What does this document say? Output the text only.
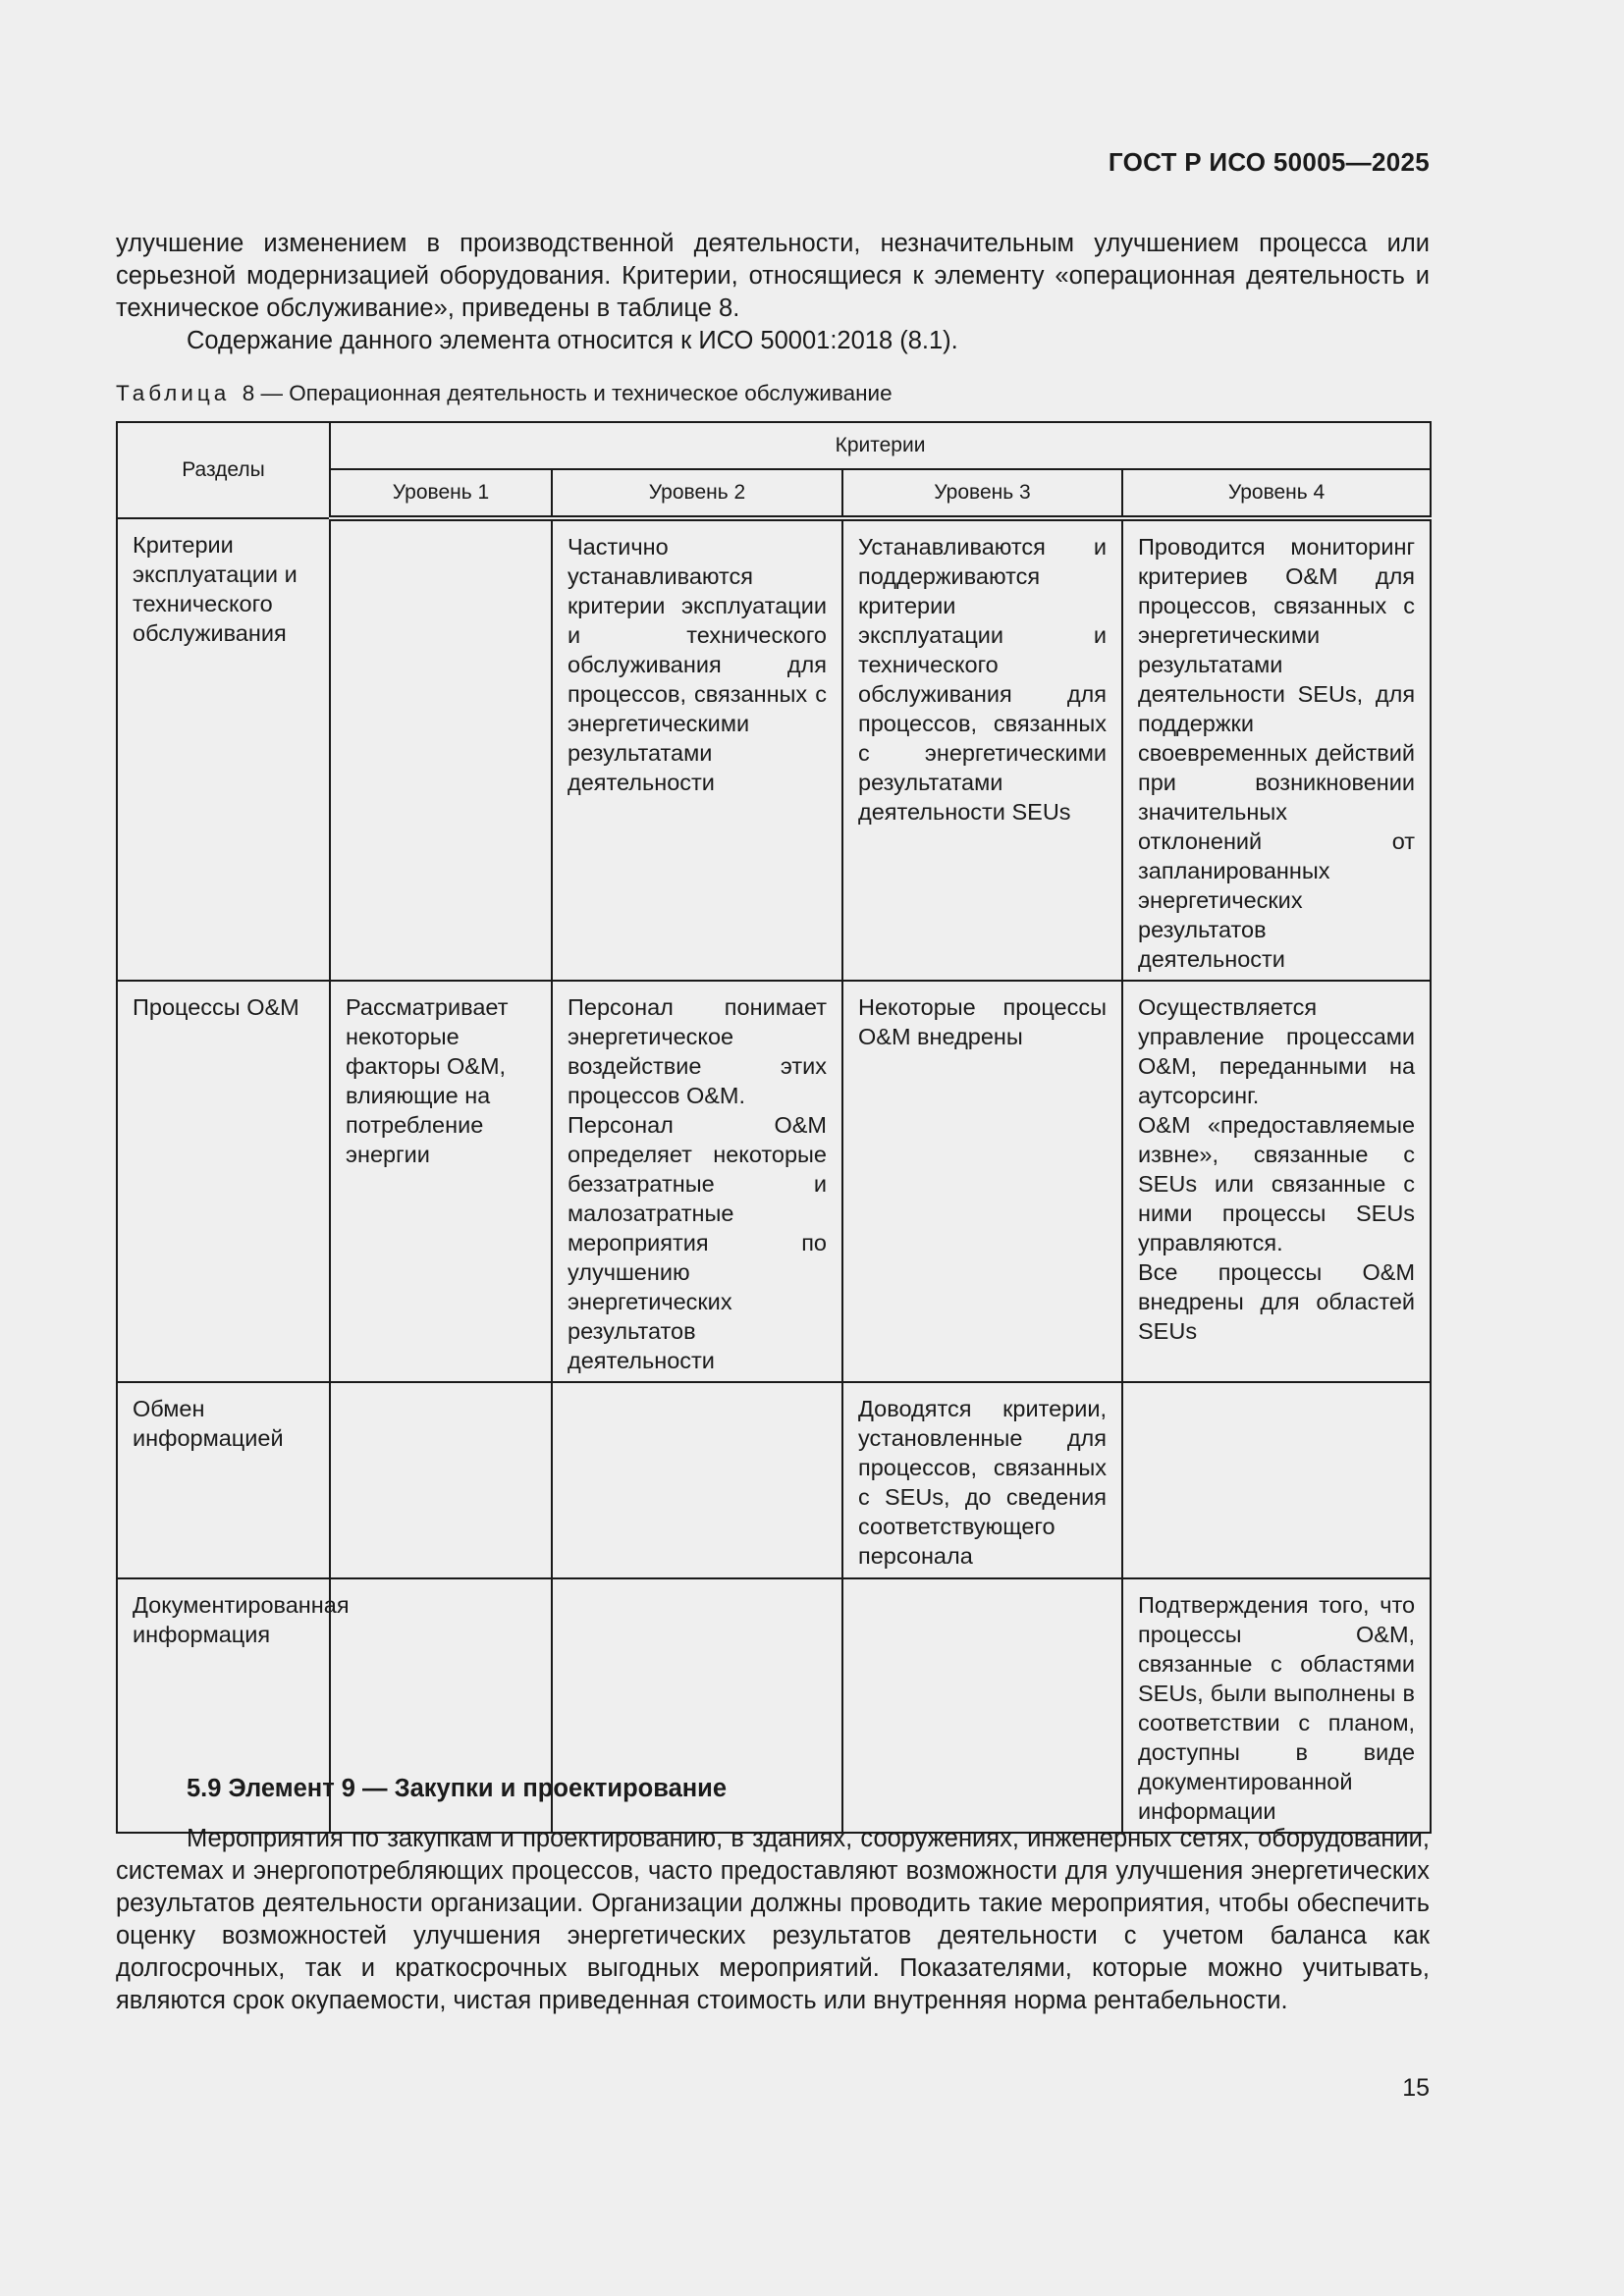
ГОСТ Р ИСО 50005—2025

улучшение изменением в производственной деятельности, незначительным улучшением процесса или серьезной модернизацией оборудования. Критерии, относящиеся к элементу «операционная деятельность и техническое обслуживание», приведены в таблице 8.

Содержание данного элемента относится к ИСО 50001:2018 (8.1).

Таблица 8 — Операционная деятельность и техническое обслуживание
Разделы	Критерии			
	Уровень 1	Уровень 2	Уровень 3	Уровень 4
Критерии эксплуатации и технического обслуживания		Частично устанавливаются критерии эксплуатации и технического обслуживания для процессов, связанных с энергетическими результатами деятельности	Устанавливаются и поддерживаются критерии эксплуатации и технического обслуживания для процессов, связанных с энергетическими результатами деятельности SEUs	Проводится мониторинг критериев O&M для процессов, связанных с энергетическими результатами деятельности SEUs, для поддержки своевременных действий при возникновении значительных отклонений от запланированных энергетических результатов деятельности
Процессы O&M	Рассматривает некоторые факторы O&M, влияющие на потребление энергии	Персонал понимает энергетическое воздействие этих процессов O&M.
Персонал O&M определяет некоторые беззатратные и малозатратные мероприятия по улучшению энергетических результатов деятельности	Некоторые процессы O&M внедрены	Осуществляется управление процессами O&M, переданными на аутсорсинг.
O&M «предоставляемые извне», связанные с SEUs или связанные с ними процессы SEUs управляются.
Все процессы O&M внедрены для областей SEUs

Обмен информацией			Доводятся критерии, установленные для процессов, связанных с SEUs, до сведения соответствующего персонала	
Документированная информация				Подтверждения того, что процессы O&M, связанные с областями SEUs, были выполнены в соответствии с планом, доступны в виде документированной информации
5.9 Элемент 9 — Закупки и проектирование

Мероприятия по закупкам и проектированию, в зданиях, сооружениях, инженерных сетях, оборудовании, системах и энергопотребляющих процессов, часто предоставляют возможности для улучшения энергетических результатов деятельности организации. Организации должны проводить такие мероприятия, чтобы обеспечить оценку возможностей улучшения энергетических результатов деятельности с учетом баланса как долгосрочных, так и краткосрочных выгодных мероприятий. Показателями, которые можно учитывать, являются срок окупаемости, чистая приведенная стоимость или внутренняя норма рентабельности.

15
